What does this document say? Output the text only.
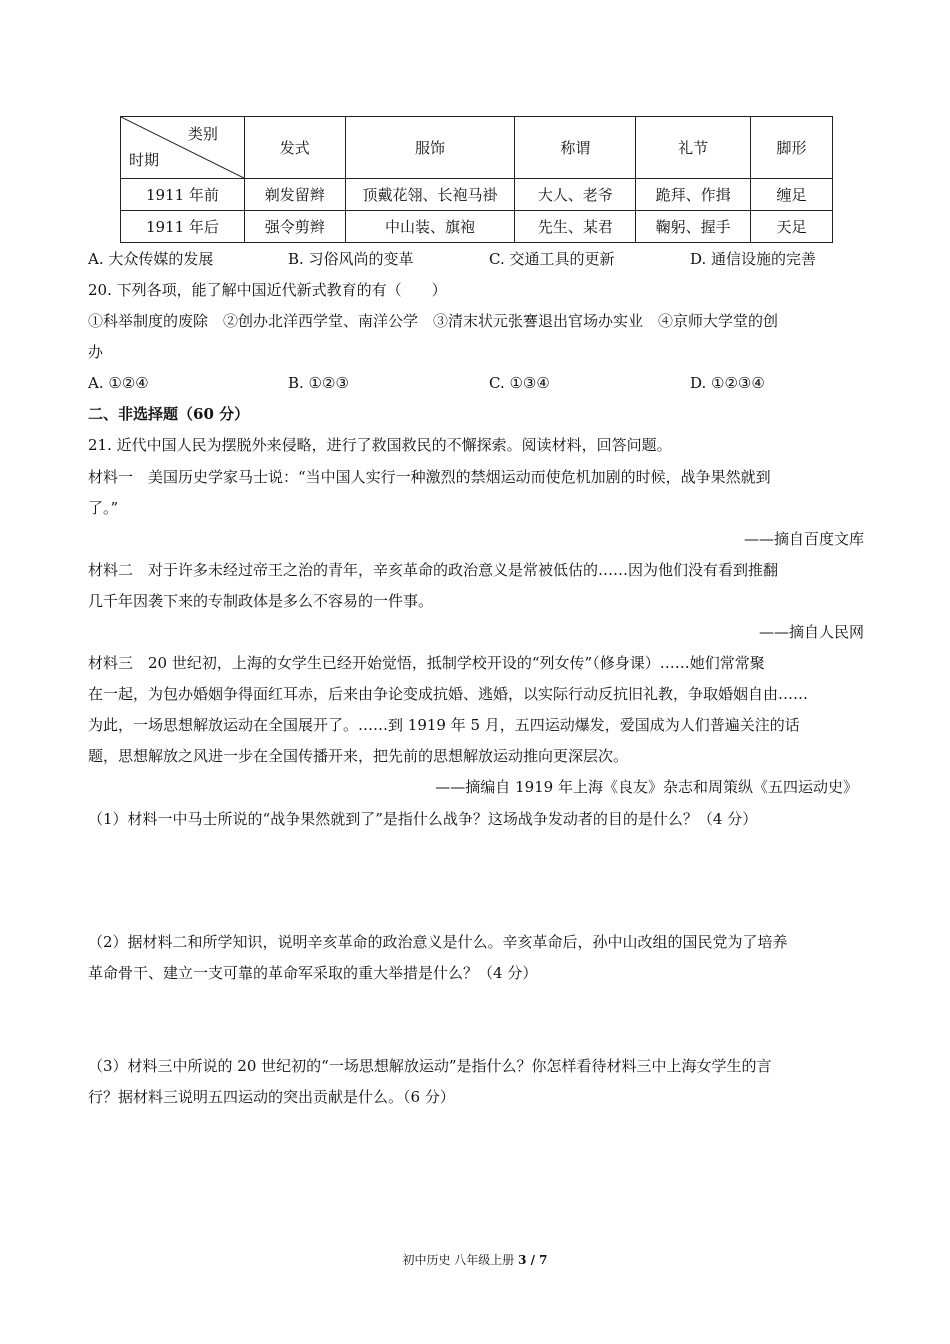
类别
时期	发式	服饰	称谓	礼节	脚形
1911 年前	剃发留辫	顶戴花翎、长袍马褂	大人、老爷	跪拜、作揖	缠足
1911 年后	强令剪辫	中山装、旗袍	先生、某君	鞠躬、握手	天足
A. 大众传媒的发展	B. 习俗风尚的变革	C. 交通工具的更新	D. 通信设施的完善
20. 下列各项，能了解中国近代新式教育的有（　　）
①科举制度的废除　②创办北洋西学堂、南洋公学　③清末状元张謇退出官场办实业　④京师大学堂的创
办
A. ①②④	B. ①②③	C. ①③④	D. ①②③④
二、非选择题（60 分）
21. 近代中国人民为摆脱外来侵略，进行了救国救民的不懈探索。阅读材料，回答问题。
材料一　美国历史学家马士说：“当中国人实行一种激烈的禁烟运动而使危机加剧的时候，战争果然就到
了。”
——摘自百度文库
材料二　对于许多未经过帝王之治的青年，辛亥革命的政治意义是常被低估的……因为他们没有看到推翻
几千年因袭下来的专制政体是多么不容易的一件事。
——摘自人民网
材料三　20 世纪初，上海的女学生已经开始觉悟，抵制学校开设的“列女传”（修身课）……她们常常聚
在一起，为包办婚姻争得面红耳赤，后来由争论变成抗婚、逃婚，以实际行动反抗旧礼教，争取婚姻自由……
为此，一场思想解放运动在全国展开了。……到 1919 年 5 月，五四运动爆发，爱国成为人们普遍关注的话
题，思想解放之风进一步在全国传播开来，把先前的思想解放运动推向更深层次。
——摘编自 1919 年上海《良友》杂志和周策纵《五四运动史》
（1）材料一中马士所说的“战争果然就到了”是指什么战争？这场战争发动者的目的是什么？（4 分）
（2）据材料二和所学知识，说明辛亥革命的政治意义是什么。辛亥革命后，孙中山改组的国民党为了培养
革命骨干、建立一支可靠的革命军采取的重大举措是什么？（4 分）
（3）材料三中所说的 20 世纪初的“一场思想解放运动”是指什么？你怎样看待材料三中上海女学生的言
行？据材料三说明五四运动的突出贡献是什么。（6 分）
初中历史 八年级上册 3 / 7
